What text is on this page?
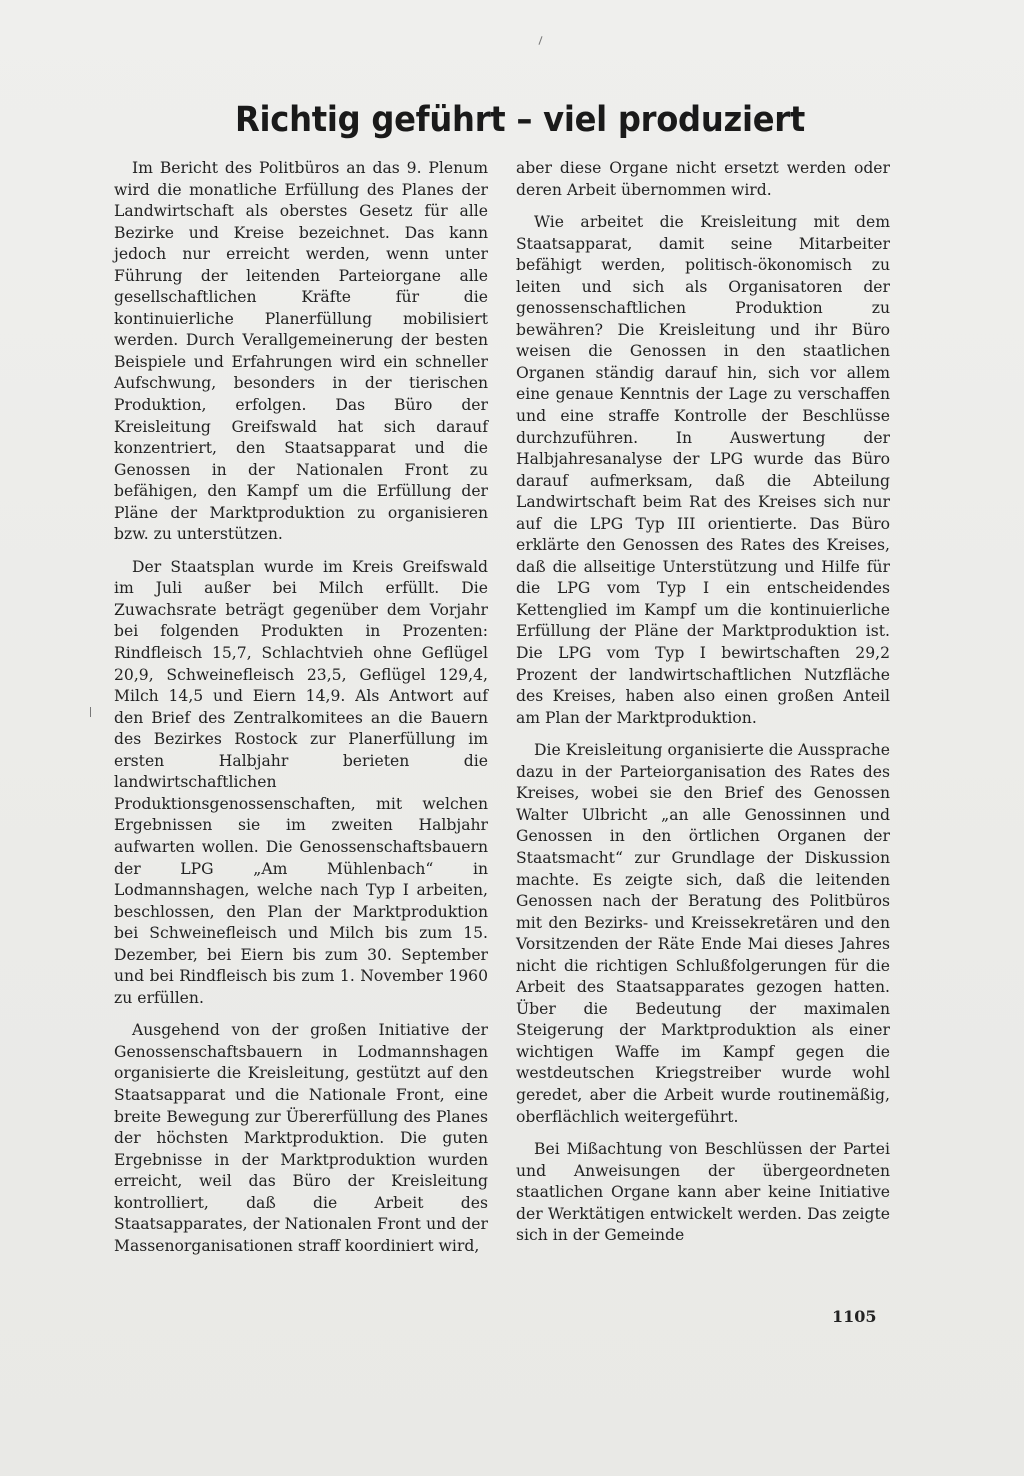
Richtig geführt – viel produziert

Im Bericht des Politbüros an das 9. Plenum wird die monatliche Erfüllung des Planes der Landwirtschaft als oberstes Gesetz für alle Bezirke und Kreise bezeichnet. Das kann jedoch nur erreicht werden, wenn unter Führung der leitenden Parteiorgane alle gesellschaftlichen Kräfte für die kontinuierliche Planerfüllung mobilisiert werden. Durch Verallgemeinerung der besten Beispiele und Erfahrungen wird ein schneller Aufschwung, besonders in der tierischen Produktion, erfolgen. Das Büro der Kreisleitung Greifswald hat sich darauf konzentriert, den Staatsapparat und die Genossen in der Nationalen Front zu befähigen, den Kampf um die Erfüllung der Pläne der Marktproduktion zu organisieren bzw. zu unterstützen.

Der Staatsplan wurde im Kreis Greifswald im Juli außer bei Milch erfüllt. Die Zuwachsrate beträgt gegenüber dem Vorjahr bei folgenden Produkten in Prozenten: Rindfleisch 15,7, Schlachtvieh ohne Geflügel 20,9, Schweinefleisch 23,5, Geflügel 129,4, Milch 14,5 und Eiern 14,9. Als Antwort auf den Brief des Zentralkomitees an die Bauern des Bezirkes Rostock zur Planerfüllung im ersten Halbjahr berieten die landwirtschaftlichen Produktionsgenossenschaften, mit welchen Ergebnissen sie im zweiten Halbjahr aufwarten wollen. Die Genossenschaftsbauern der LPG „Am Mühlenbach“ in Lodmannshagen, welche nach Typ I arbeiten, beschlossen, den Plan der Marktproduktion bei Schweinefleisch und Milch bis zum 15. Dezember, bei Eiern bis zum 30. September und bei Rindfleisch bis zum 1. November 1960 zu erfüllen.

Ausgehend von der großen Initiative der Genossenschaftsbauern in Lodmannshagen organisierte die Kreisleitung, gestützt auf den Staatsapparat und die Nationale Front, eine breite Bewegung zur Übererfüllung des Planes der höchsten Marktproduktion. Die guten Ergebnisse in der Marktproduktion wurden erreicht, weil das Büro der Kreisleitung kontrolliert, daß die Arbeit des Staatsapparates, der Nationalen Front und der Massenorganisationen straff koordiniert wird,

aber diese Organe nicht ersetzt werden oder deren Arbeit übernommen wird.

Wie arbeitet die Kreisleitung mit dem Staatsapparat, damit seine Mitarbeiter befähigt werden, politisch-ökonomisch zu leiten und sich als Organisatoren der genossenschaftlichen Produktion zu bewähren? Die Kreisleitung und ihr Büro weisen die Genossen in den staatlichen Organen ständig darauf hin, sich vor allem eine genaue Kenntnis der Lage zu verschaffen und eine straffe Kontrolle der Beschlüsse durchzuführen. In Auswertung der Halbjahresanalyse der LPG wurde das Büro darauf aufmerksam, daß die Abteilung Landwirtschaft beim Rat des Kreises sich nur auf die LPG Typ III orientierte. Das Büro erklärte den Genossen des Rates des Kreises, daß die allseitige Unterstützung und Hilfe für die LPG vom Typ I ein entscheidendes Kettenglied im Kampf um die kontinuierliche Erfüllung der Pläne der Marktproduktion ist. Die LPG vom Typ I bewirtschaften 29,2 Prozent der landwirtschaftlichen Nutzfläche des Kreises, haben also einen großen Anteil am Plan der Marktproduktion.

Die Kreisleitung organisierte die Aussprache dazu in der Parteiorganisation des Rates des Kreises, wobei sie den Brief des Genossen Walter Ulbricht „an alle Genossinnen und Genossen in den örtlichen Organen der Staatsmacht“ zur Grundlage der Diskussion machte. Es zeigte sich, daß die leitenden Genossen nach der Beratung des Politbüros mit den Bezirks- und Kreissekretären und den Vorsitzenden der Räte Ende Mai dieses Jahres nicht die richtigen Schlußfolgerungen für die Arbeit des Staatsapparates gezogen hatten. Über die Bedeutung der maximalen Steigerung der Marktproduktion als einer wichtigen Waffe im Kampf gegen die westdeutschen Kriegstreiber wurde wohl geredet, aber die Arbeit wurde routinemäßig, oberflächlich weitergeführt.

Bei Mißachtung von Beschlüssen der Partei und Anweisungen der übergeordneten staatlichen Organe kann aber keine Initiative der Werktätigen entwickelt werden. Das zeigte sich in der Gemeinde

1105
